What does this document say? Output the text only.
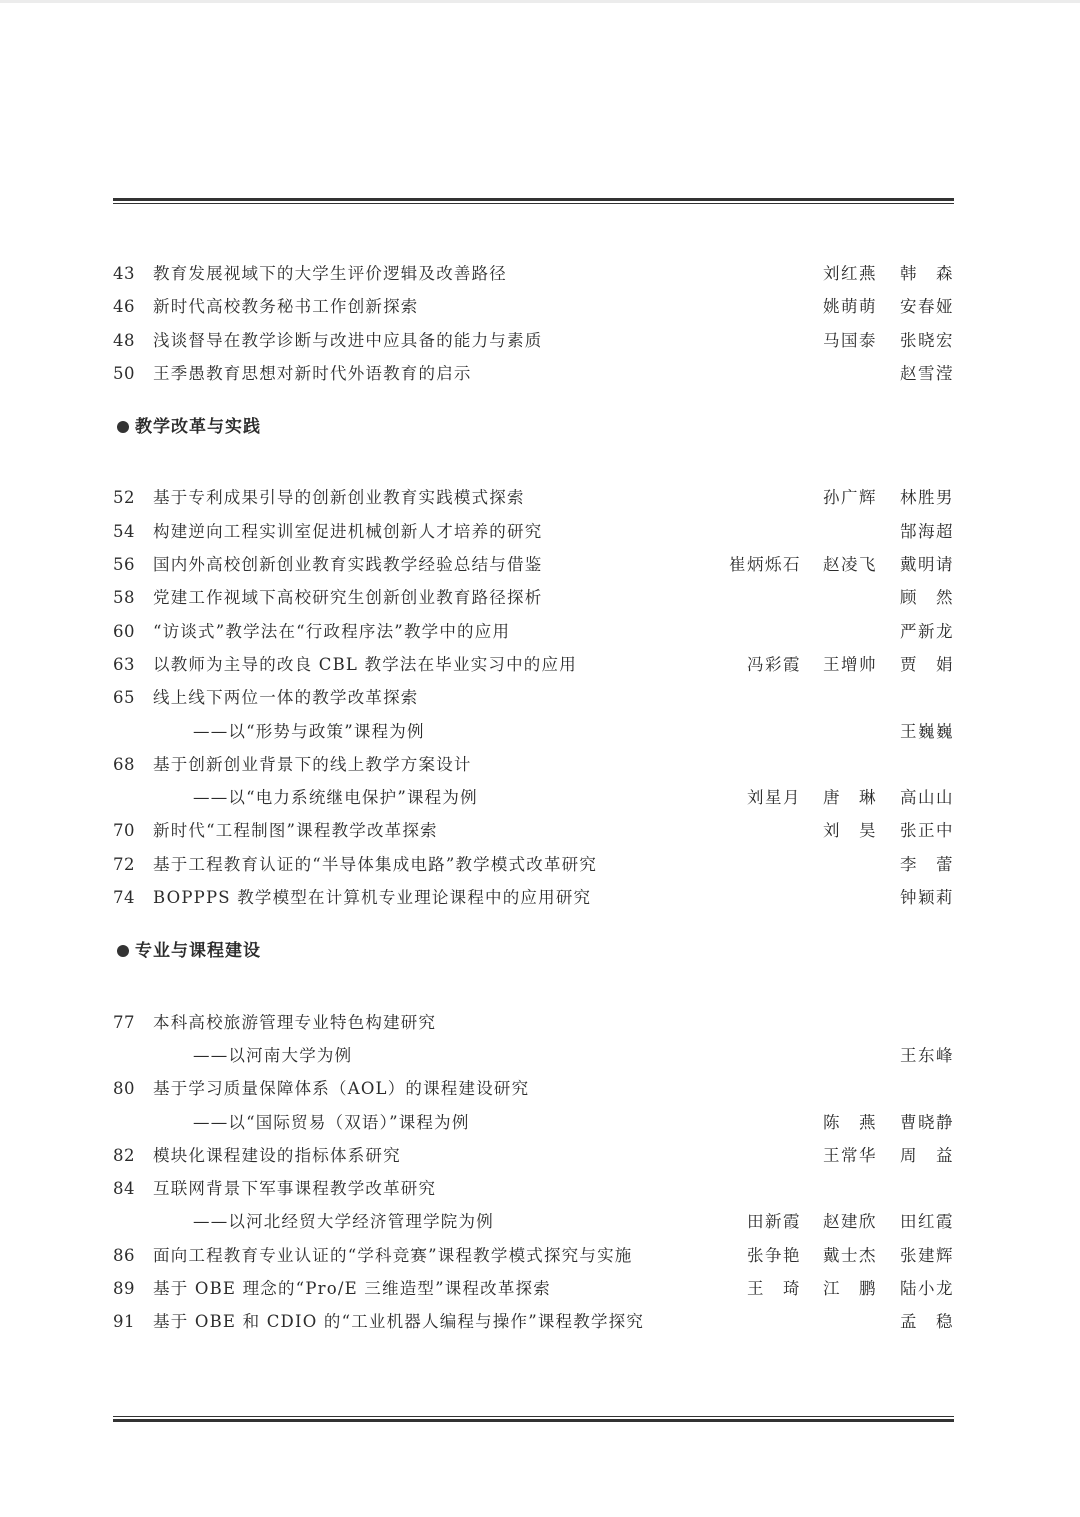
43	教育发展视域下的大学生评价逻辑及改善路径	刘红燕	韩　森
46	新时代高校教务秘书工作创新探索	姚萌萌	安春娅
48	浅谈督导在教学诊断与改进中应具备的能力与素质	马国泰	张晓宏
50	王季愚教育思想对新时代外语教育的启示	赵雪滢
教学改革与实践
52	基于专利成果引导的创新创业教育实践模式探索	孙广辉	林胜男
54	构建逆向工程实训室促进机械创新人才培养的研究	郜海超
56	国内外高校创新创业教育实践教学经验总结与借鉴	崔炳烁石	赵凌飞	戴明请
58	党建工作视域下高校研究生创新创业教育路径探析	顾　然
60	“访谈式”教学法在“行政程序法”教学中的应用	严新龙
63	以教师为主导的改良 CBL 教学法在毕业实习中的应用	冯彩霞	王增帅	贾　娟
65	线上线下两位一体的教学改革探索
——以“形势与政策”课程为例	王巍巍
68	基于创新创业背景下的线上教学方案设计
——以“电力系统继电保护”课程为例	刘星月	唐　琳	高山山
70	新时代“工程制图”课程教学改革探索	刘　昊	张正中
72	基于工程教育认证的“半导体集成电路”教学模式改革研究	李　蕾
74	BOPPPS 教学模型在计算机专业理论课程中的应用研究	钟颖莉
专业与课程建设
77	本科高校旅游管理专业特色构建研究
——以河南大学为例	王东峰
80	基于学习质量保障体系（AOL）的课程建设研究
——以“国际贸易（双语）”课程为例	陈　燕	曹晓静
82	模块化课程建设的指标体系研究	王常华	周　益
84	互联网背景下军事课程教学改革研究
——以河北经贸大学经济管理学院为例	田新霞	赵建欣	田红霞
86	面向工程教育专业认证的“学科竞赛”课程教学模式探究与实施	张争艳	戴士杰	张建辉
89	基于 OBE 理念的“Pro/E 三维造型”课程改革探索	王　琦	江　鹏	陆小龙
91	基于 OBE 和 CDIO 的“工业机器人编程与操作”课程教学探究	孟　稳
